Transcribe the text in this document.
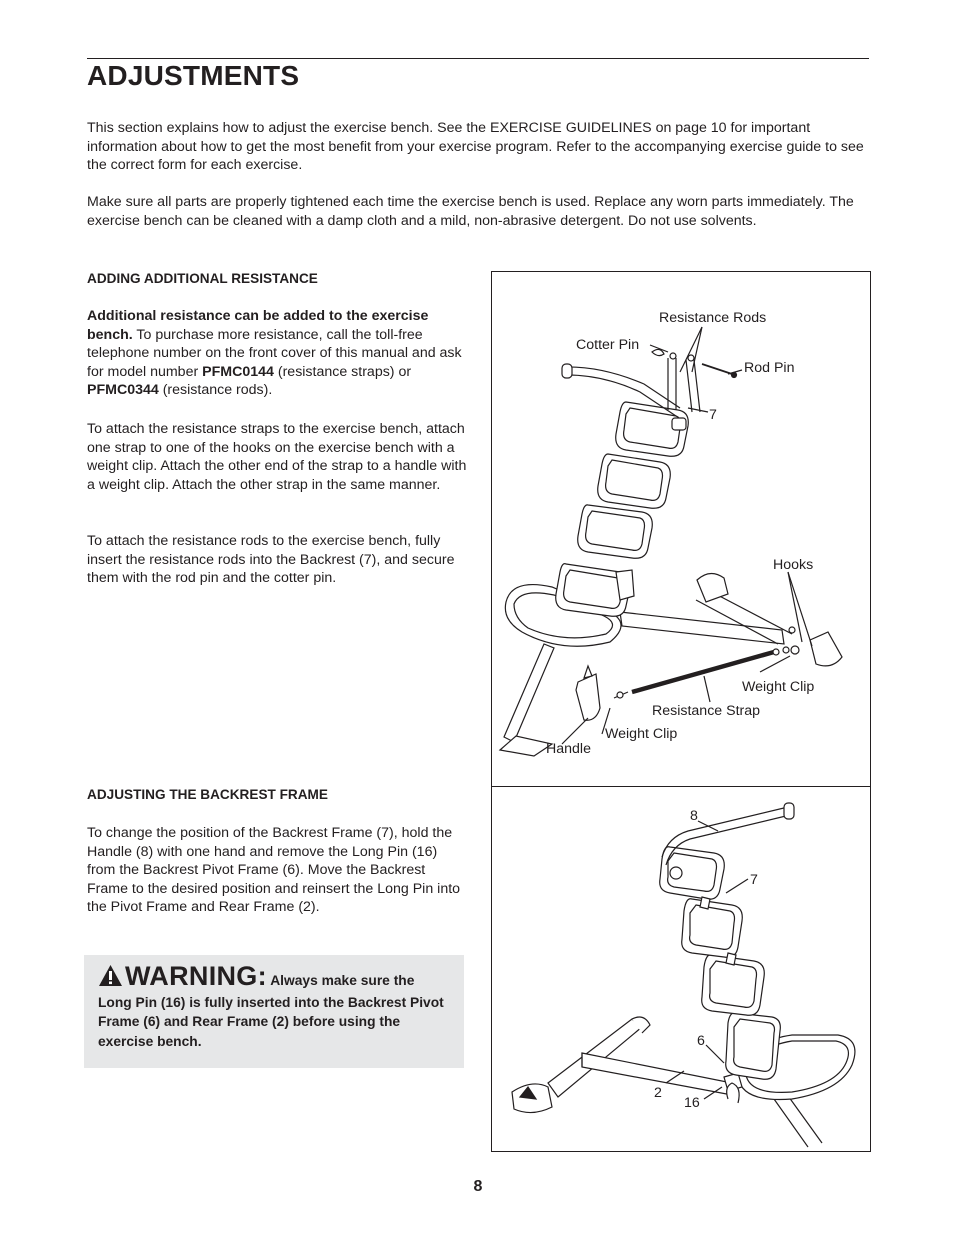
ADJUSTMENTS

This section explains how to adjust the exercise bench. See the EXERCISE GUIDELINES on page 10 for important information about how to get the most benefit from your exercise program. Refer to the accompanying exercise guide to see the correct form for each exercise.

Make sure all parts are properly tightened each time the exercise bench is used. Replace any worn parts immediately. The exercise bench can be cleaned with a damp cloth and a mild, non-abrasive detergent. Do not use solvents.

ADDING ADDITIONAL RESISTANCE

Additional resistance can be added to the exercise bench. To purchase more resistance, call the toll-free telephone number on the front cover of this manual and ask for model number PFMC0144 (resistance straps) or PFMC0344 (resistance rods).

To attach the resistance straps to the exercise bench, attach one strap to one of the hooks on the exercise bench with a weight clip. Attach the other end of the strap to a handle with a weight clip. Attach the other strap in the same manner.

To attach the resistance rods to the exercise bench, fully insert the resistance rods into the Backrest (7), and secure them with the rod pin and the cotter pin.

ADJUSTING THE BACKREST FRAME

To change the position of the Backrest Frame (7), hold the Handle (8) with one hand and remove the Long Pin (16) from the Backrest Pivot Frame (6). Move the Backrest Frame to the desired position and reinsert the Long Pin into the Pivot Frame and Rear Frame (2).

WARNING: Always make sure the Long Pin (16) is fully inserted into the Backrest Pivot Frame (6) and Rear Frame (2) before using the exercise bench.

Resistance Rods
Cotter Pin
Rod Pin
7
Hooks
Weight Clip
Resistance Strap
Weight Clip
Handle
8
7
6
2
16

8
